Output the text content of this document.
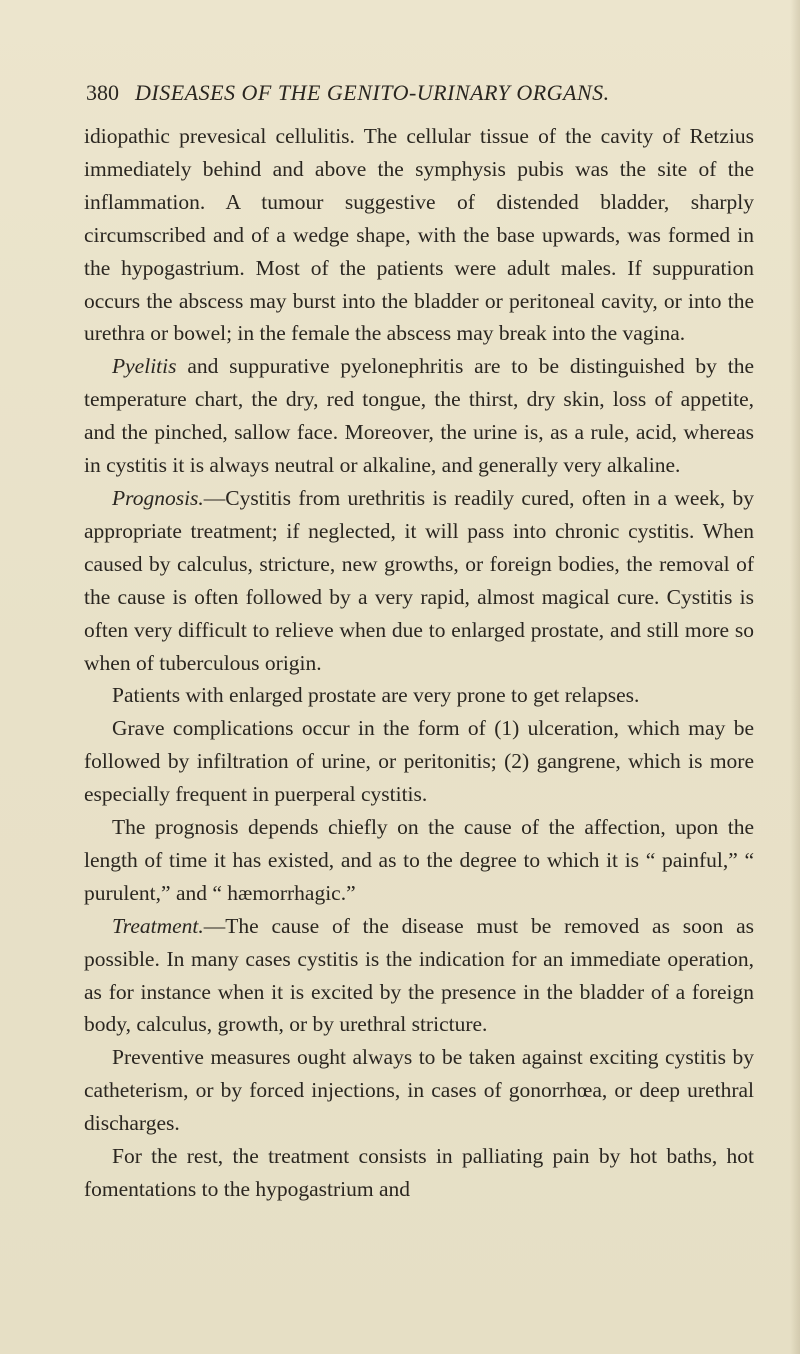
380 DISEASES OF THE GENITO-URINARY ORGANS.

idiopathic prevesical cellulitis. The cellular tissue of the cavity of Retzius immediately behind and above the symphysis pubis was the site of the inflammation. A tumour suggestive of distended bladder, sharply circumscribed and of a wedge shape, with the base upwards, was formed in the hypogastrium. Most of the patients were adult males. If suppuration occurs the abscess may burst into the bladder or peritoneal cavity, or into the urethra or bowel; in the female the abscess may break into the vagina.

Pyelitis and suppurative pyelonephritis are to be distinguished by the temperature chart, the dry, red tongue, the thirst, dry skin, loss of appetite, and the pinched, sallow face. Moreover, the urine is, as a rule, acid, whereas in cystitis it is always neutral or alkaline, and generally very alkaline.

Prognosis.—Cystitis from urethritis is readily cured, often in a week, by appropriate treatment; if neglected, it will pass into chronic cystitis. When caused by calculus, stricture, new growths, or foreign bodies, the removal of the cause is often followed by a very rapid, almost magical cure. Cystitis is often very difficult to relieve when due to enlarged prostate, and still more so when of tuberculous origin.

Patients with enlarged prostate are very prone to get relapses.

Grave complications occur in the form of (1) ulceration, which may be followed by infiltration of urine, or peritonitis; (2) gangrene, which is more especially frequent in puerperal cystitis.

The prognosis depends chiefly on the cause of the affection, upon the length of time it has existed, and as to the degree to which it is “ painful,” “ purulent,” and “ hæmorrhagic.”

Treatment.—The cause of the disease must be removed as soon as possible. In many cases cystitis is the indication for an immediate operation, as for instance when it is excited by the presence in the bladder of a foreign body, calculus, growth, or by urethral stricture.

Preventive measures ought always to be taken against exciting cystitis by catheterism, or by forced injections, in cases of gonorrhœa, or deep urethral discharges.

For the rest, the treatment consists in palliating pain by hot baths, hot fomentations to the hypogastrium and
